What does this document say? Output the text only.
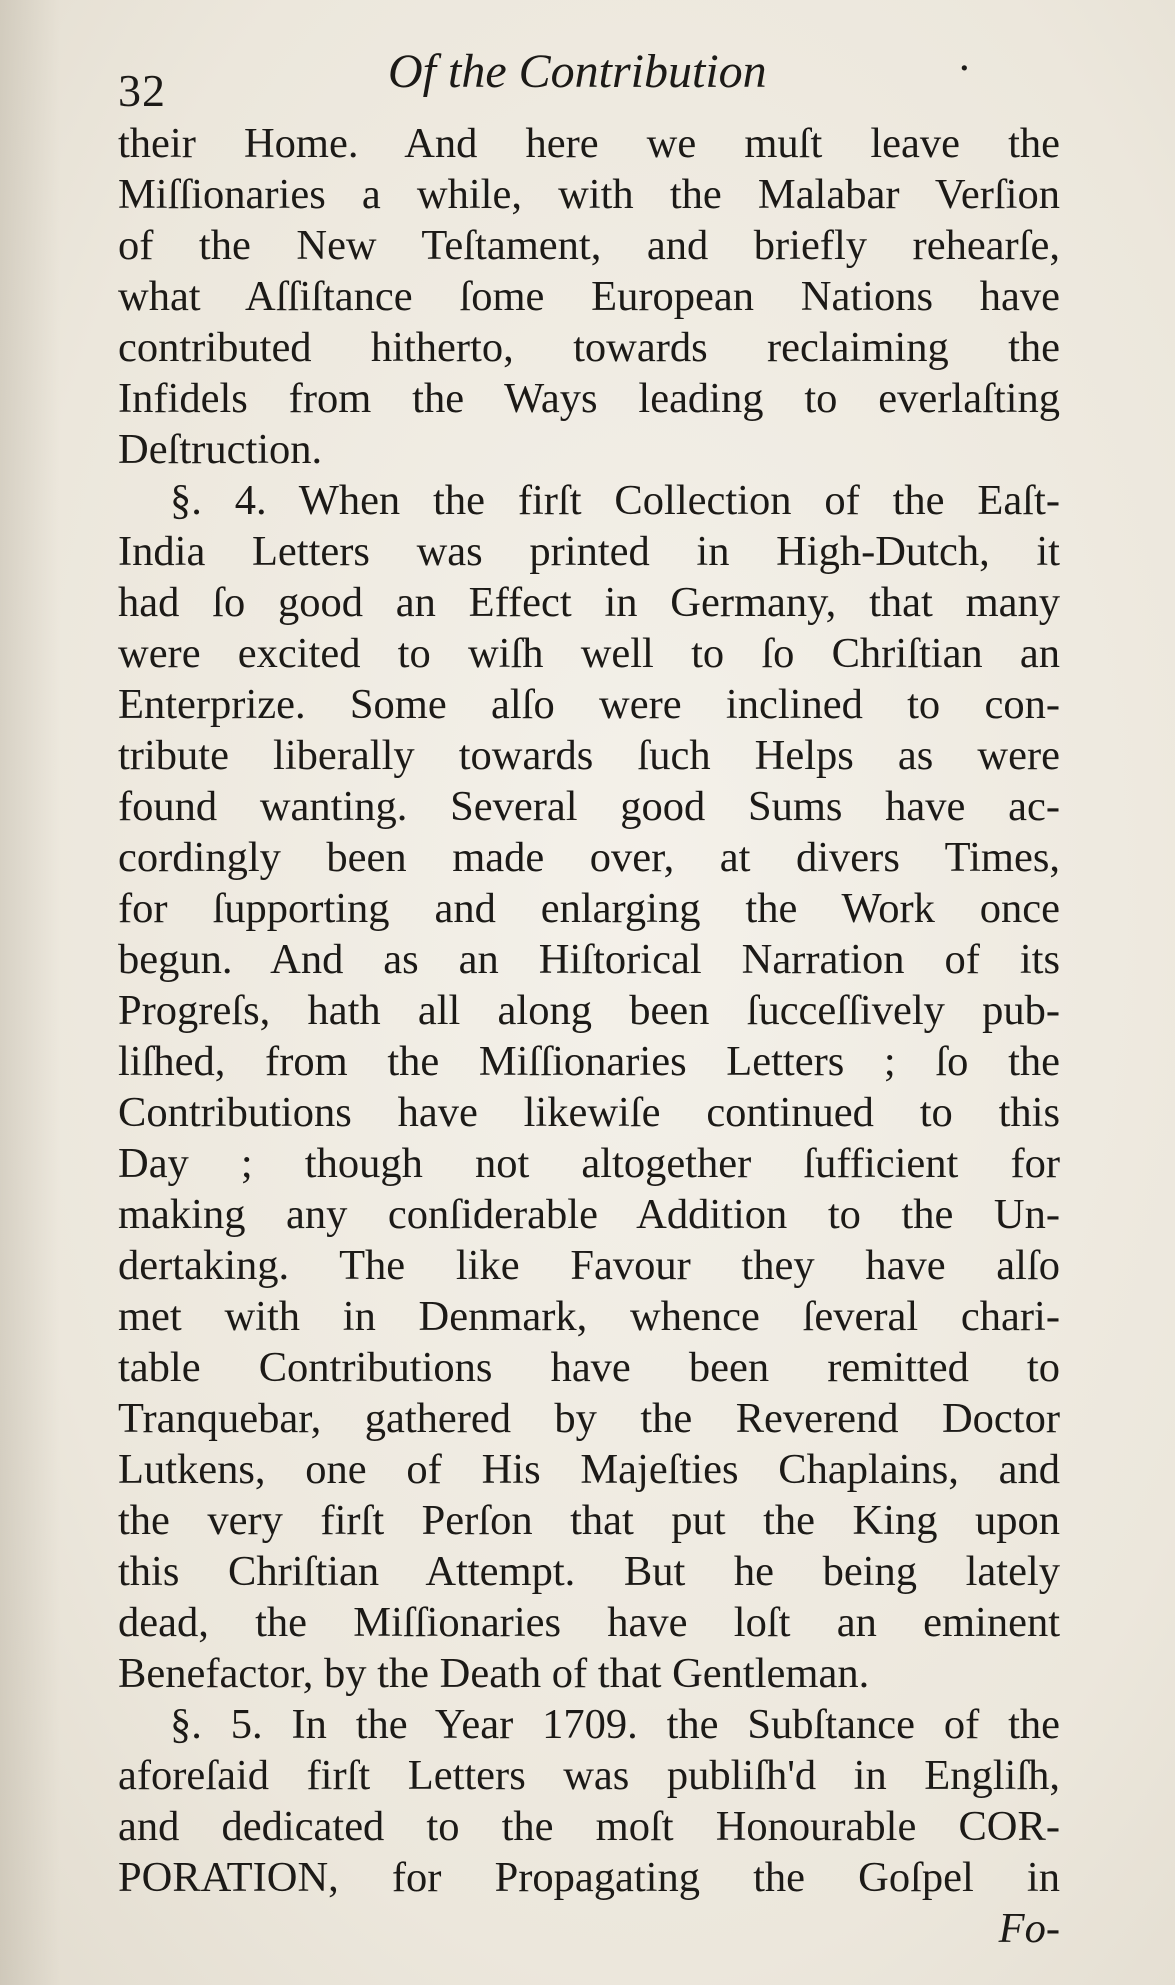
32	Of the Contribution	·
their Home. And here we muſt leave the
Miſſionaries a while, with the Malabar Verſion
of the New Teſtament, and briefly rehearſe,
what Aſſiſtance ſome European Nations have
contributed hitherto, towards reclaiming the
Infidels from the Ways leading to everlaſting
Deſtruction.
§. 4. When the firſt Collection of the Eaſt-
India Letters was printed in High-Dutch, it
had ſo good an Effect in Germany, that many
were excited to wiſh well to ſo Chriſtian an
Enterprize. Some alſo were inclined to con-
tribute liberally towards ſuch Helps as were
found wanting. Several good Sums have ac-
cordingly been made over, at divers Times,
for ſupporting and enlarging the Work once
begun. And as an Hiſtorical Narration of its
Progreſs, hath all along been ſucceſſively pub-
liſhed, from the Miſſionaries Letters ; ſo the
Contributions have likewiſe continued to this
Day ; though not altogether ſufficient for
making any conſiderable Addition to the Un-
dertaking. The like Favour they have alſo
met with in Denmark, whence ſeveral chari-
table Contributions have been remitted to
Tranquebar, gathered by the Reverend Doctor
Lutkens, one of His Majeſties Chaplains, and
the very firſt Perſon that put the King upon
this Chriſtian Attempt. But he being lately
dead, the Miſſionaries have loſt an eminent
Benefactor, by the Death of that Gentleman.
§. 5. In the Year 1709. the Subſtance of the
aforeſaid firſt Letters was publiſh'd in Engliſh,
and dedicated to the moſt Honourable COR-
PORATION, for Propagating the Goſpel in
Fo-
